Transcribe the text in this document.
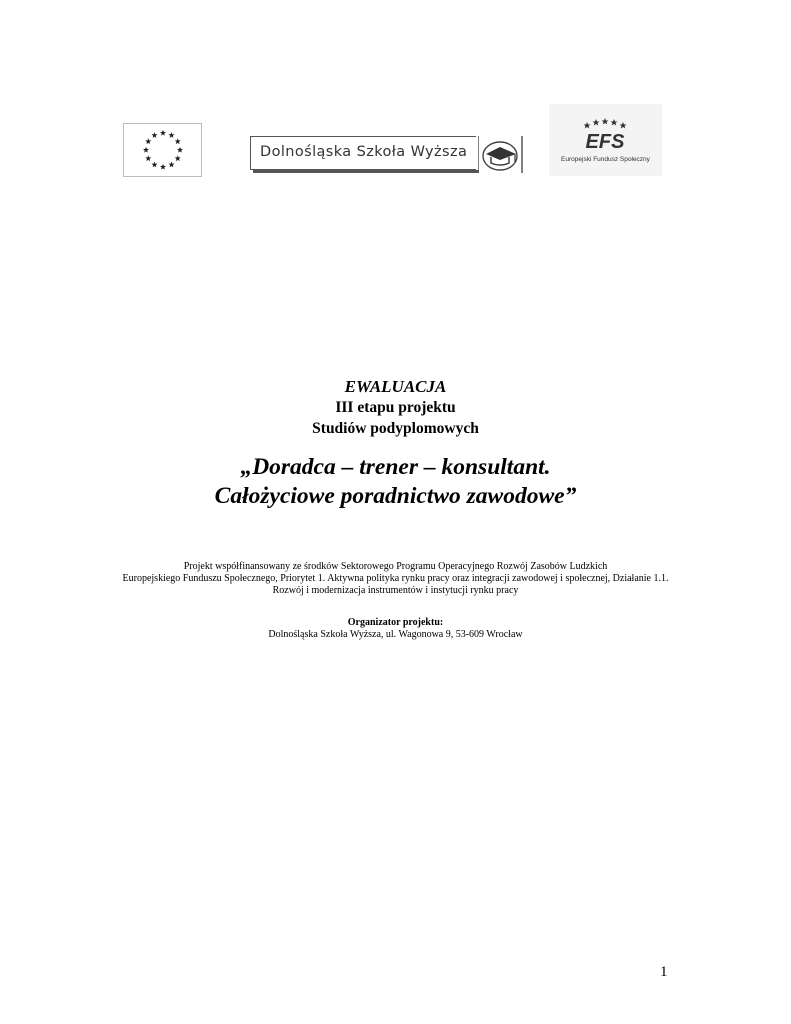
Dolnośląska Szkoła Wyższa	EFS
Europejski Fundusz Społeczny
EWALUACJA
III etapu projektu
Studiów podyplomowych
„Doradca – trener – konsultant.
Całożyciowe poradnictwo zawodowe”
Projekt współfinansowany ze środków Sektorowego Programu Operacyjnego Rozwój Zasobów Ludzkich
Europejskiego Funduszu Społecznego, Priorytet 1. Aktywna polityka rynku pracy oraz integracji zawodowej i społecznej, Działanie 1.1.
Rozwój i modernizacja instrumentów i instytucji rynku pracy
Organizator projektu:
Dolnośląska Szkoła Wyższa, ul. Wagonowa 9, 53-609 Wrocław
1
